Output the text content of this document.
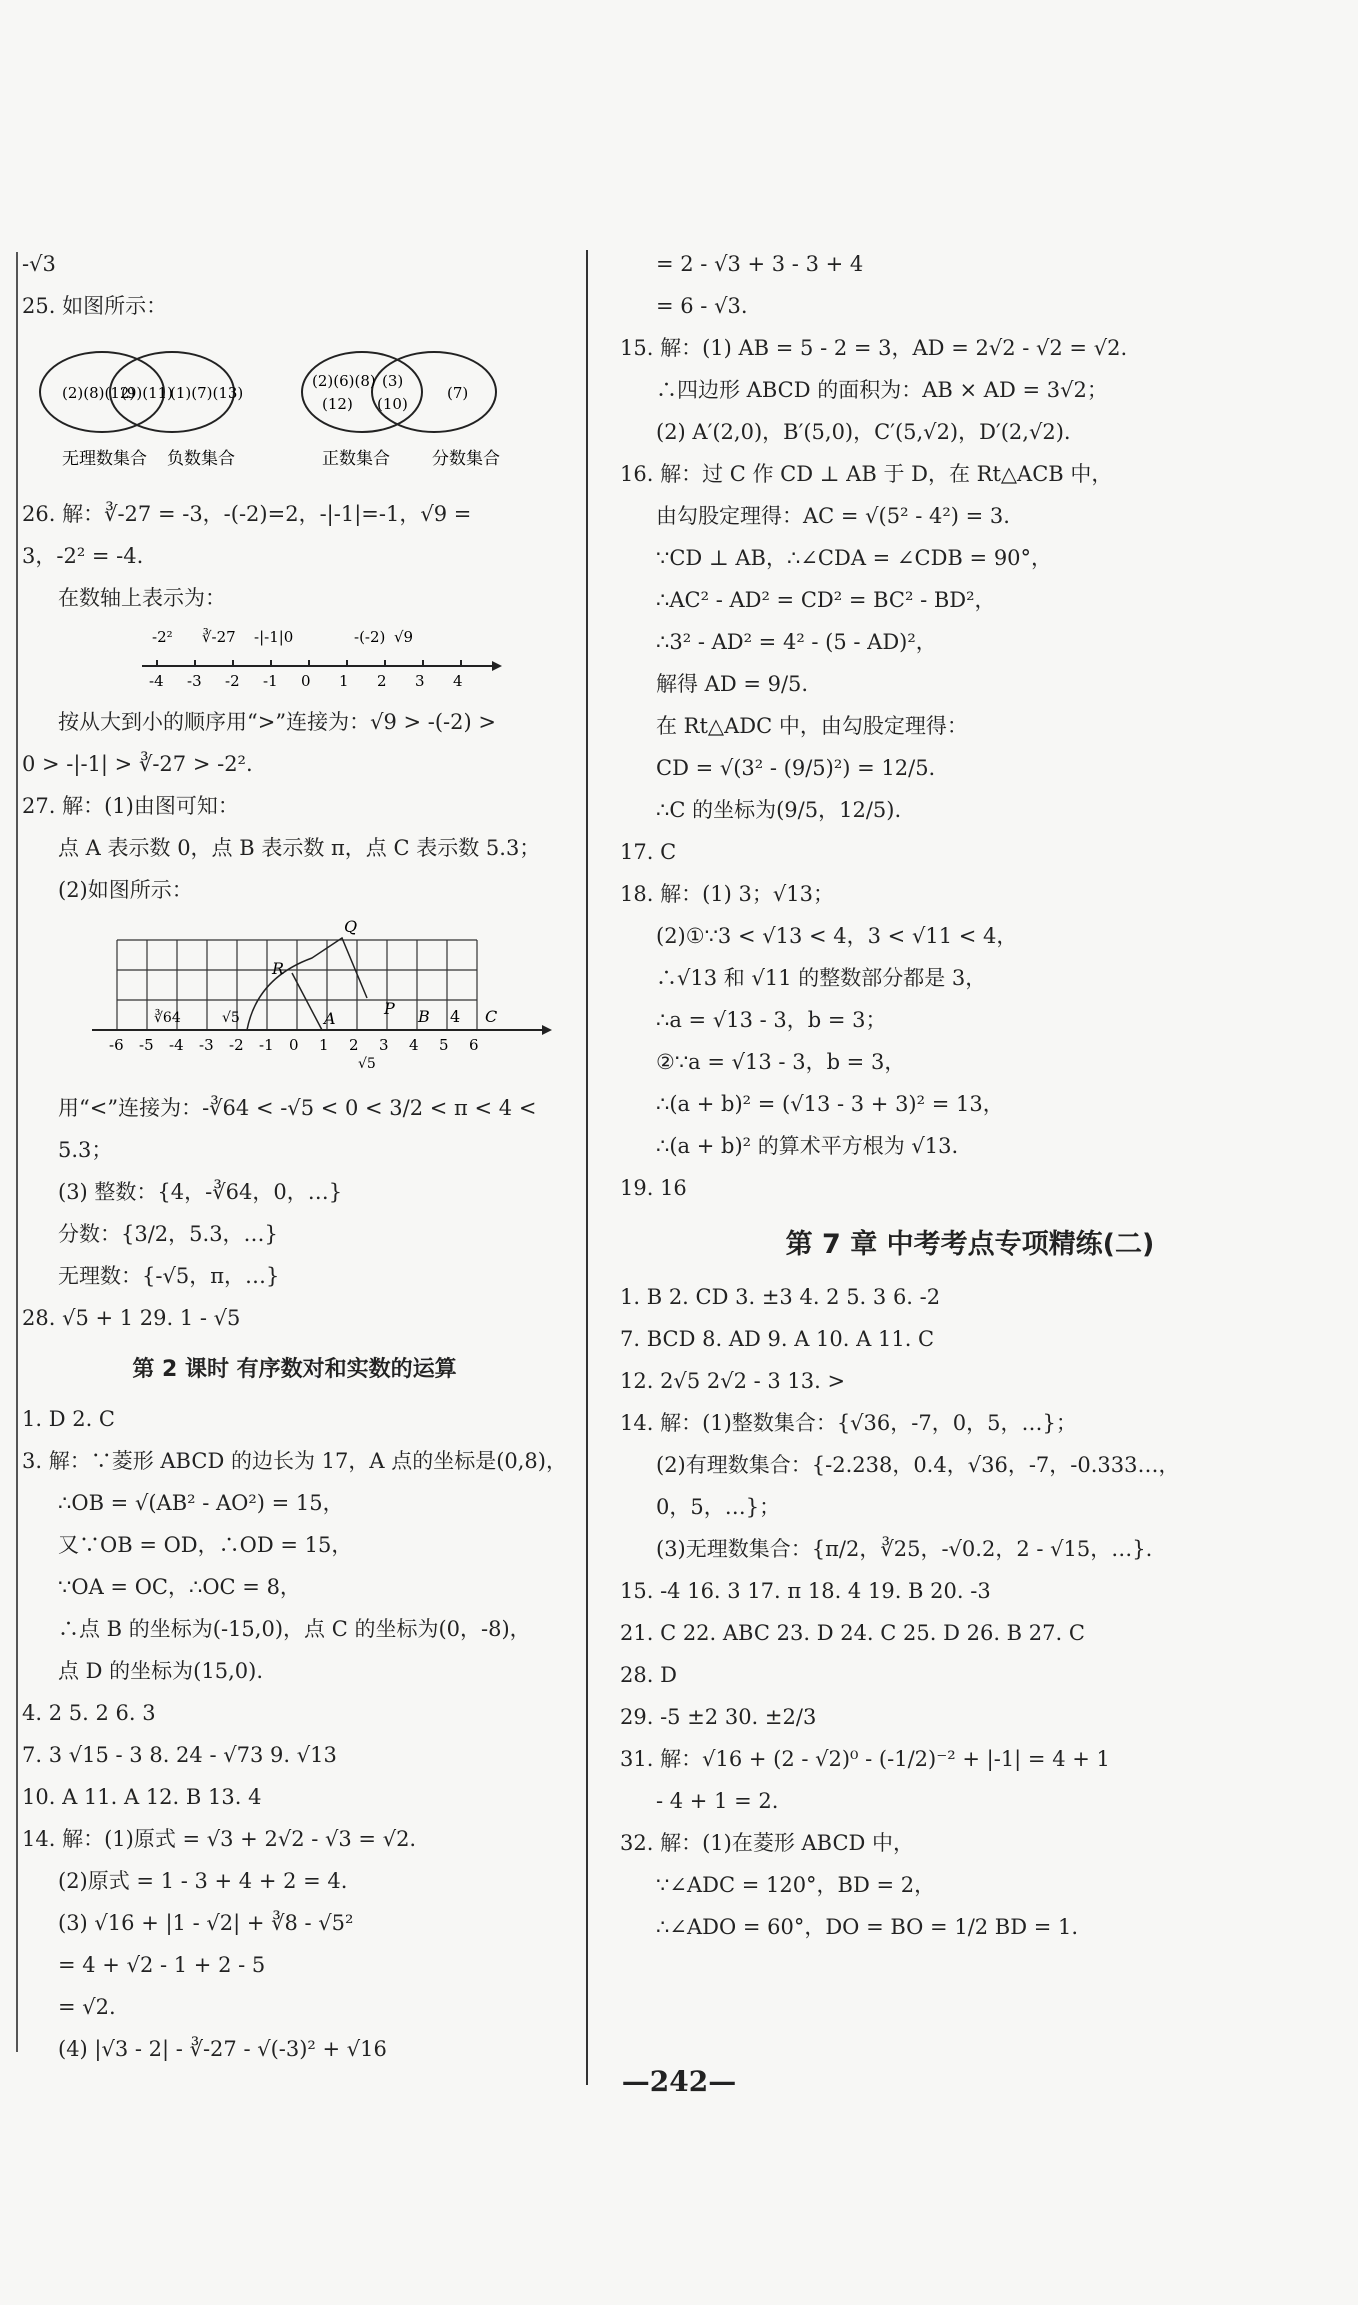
-√3
25. 如图所示：
(2)(8)(12)
(9)(11)
(1)(7)(13)
(2)(6)(8)
(12)
(3)
(10)
(7)
无理数集合 负数集合	正数集合 分数集合
26. 解：∛-27 = -3，-(-2)=2，-|-1|=-1，√9 =
3，-2² = -4.
在数轴上表示为：
-4 -3 -2 -1 0 1 2 3 4
-2² ∛-27 -|-1|0	-(-2) √9
按从大到小的顺序用“>”连接为：√9 > -(-2) >
0 > -|-1| > ∛-27 > -2².
27. 解：(1)由图可知：
点 A 表示数 0，点 B 表示数 π，点 C 表示数 5.3；
(2)如图所示：
-6 -5 -4 -3 -2 -1 0 1 2 3 4 5 6
Q
R
∛64	√5	A
P B 4 C
√5
用“<”连接为：-∛64 < -√5 < 0 < 3/2 < π < 4 <
5.3；
(3) 整数：{4，-∛64，0，…}
分数：{3/2，5.3，…}
无理数：{-√5，π，…}
28. √5 + 1 29. 1 - √5
第 2 课时 有序数对和实数的运算
1. D 2. C
3. 解：∵菱形 ABCD 的边长为 17，A 点的坐标是(0,8)，
∴OB = √(AB² - AO²) = 15，
又∵OB = OD，∴OD = 15，
∵OA = OC，∴OC = 8，
∴点 B 的坐标为(-15,0)，点 C 的坐标为(0，-8)，
点 D 的坐标为(15,0).
4. 2 5. 2 6. 3
7. 3 √15 - 3 8. 24 - √73 9. √13
10. A 11. A 12. B 13. 4
14. 解：(1)原式 = √3 + 2√2 - √3 = √2.
(2)原式 = 1 - 3 + 4 + 2 = 4.
(3) √16 + |1 - √2| + ∛8 - √5²
= 4 + √2 - 1 + 2 - 5
= √2.
(4) |√3 - 2| - ∛-27 - √(-3)² + √16
= 2 - √3 + 3 - 3 + 4
= 6 - √3.
15. 解：(1) AB = 5 - 2 = 3，AD = 2√2 - √2 = √2.
∴四边形 ABCD 的面积为：AB × AD = 3√2；
(2) A′(2,0)，B′(5,0)，C′(5,√2)，D′(2,√2).
16. 解：过 C 作 CD ⊥ AB 于 D，在 Rt△ACB 中，
由勾股定理得：AC = √(5² - 4²) = 3.
∵CD ⊥ AB，∴∠CDA = ∠CDB = 90°，
∴AC² - AD² = CD² = BC² - BD²，
∴3² - AD² = 4² - (5 - AD)²，
解得 AD = 9/5.
在 Rt△ADC 中，由勾股定理得：
CD = √(3² - (9/5)²) = 12/5.
∴C 的坐标为(9/5，12/5).
17. C
18. 解：(1) 3；√13；
(2)①∵3 < √13 < 4，3 < √11 < 4，
∴√13 和 √11 的整数部分都是 3，
∴a = √13 - 3，b = 3；
②∵a = √13 - 3，b = 3，
∴(a + b)² = (√13 - 3 + 3)² = 13，
∴(a + b)² 的算术平方根为 √13.
19. 16
第 7 章 中考考点专项精练(二)
1. B 2. CD 3. ±3 4. 2 5. 3 6. -2
7. BCD 8. AD 9. A 10. A 11. C
12. 2√5 2√2 - 3 13. >
14. 解：(1)整数集合：{√36，-7，0，5，…}；
(2)有理数集合：{-2.238，0.4，√36，-7，-0.333…，
0，5，…}；
(3)无理数集合：{π/2，∛25，-√0.2，2 - √15，…}.
15. -4 16. 3 17. π 18. 4 19. B 20. -3
21. C 22. ABC 23. D 24. C 25. D 26. B 27. C
28. D
29. -5 ±2 30. ±2/3
31. 解：√16 + (2 - √2)⁰ - (-1/2)⁻² + |-1| = 4 + 1
- 4 + 1 = 2.
32. 解：(1)在菱形 ABCD 中，
∵∠ADC = 120°，BD = 2，
∴∠ADO = 60°，DO = BO = 1/2 BD = 1.
—242—
